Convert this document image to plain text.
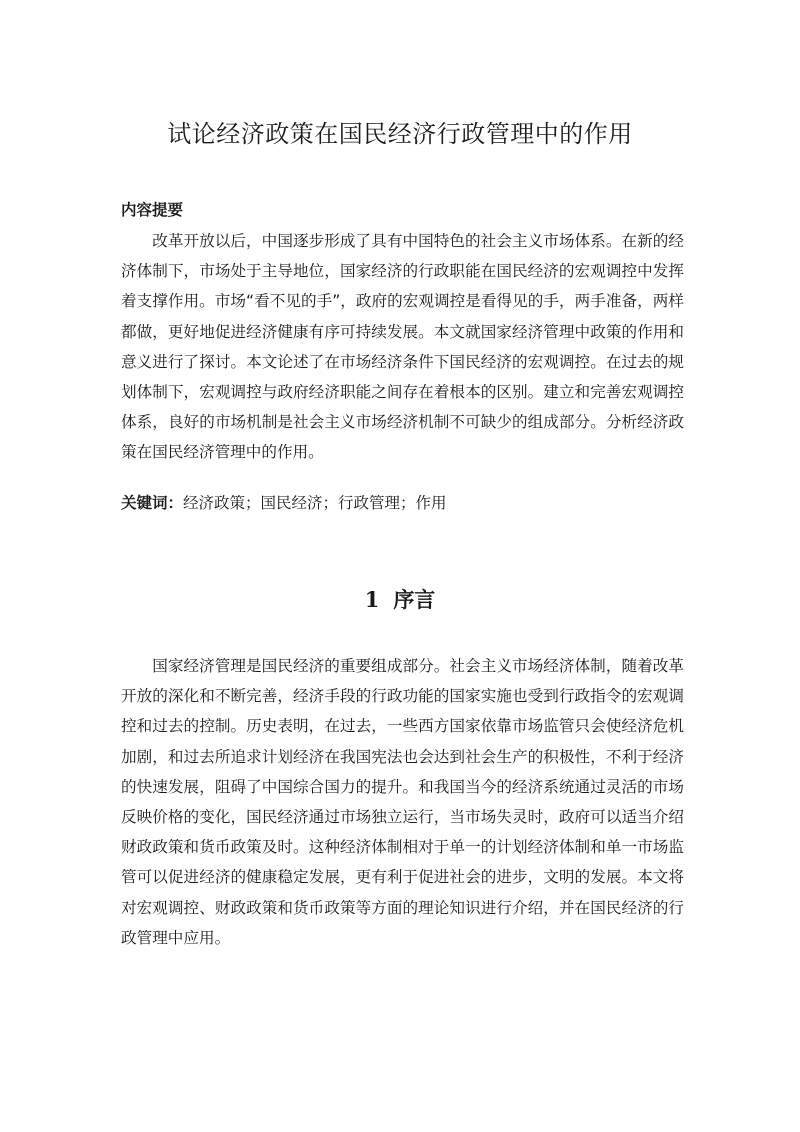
试论经济政策在国民经济行政管理中的作用
内容提要

改革开放以后，中国逐步形成了具有中国特色的社会主义市场体系。在新的经济体制下，市场处于主导地位，国家经济的行政职能在国民经济的宏观调控中发挥着支撑作用。市场“看不见的手”，政府的宏观调控是看得见的手，两手准备，两样都做，更好地促进经济健康有序可持续发展。本文就国家经济管理中政策的作用和意义进行了探讨。本文论述了在市场经济条件下国民经济的宏观调控。在过去的规划体制下，宏观调控与政府经济职能之间存在着根本的区别。建立和完善宏观调控体系，良好的市场机制是社会主义市场经济机制不可缺少的组成部分。分析经济政策在国民经济管理中的作用。

关键词：经济政策；国民经济；行政管理；作用
1 序言

国家经济管理是国民经济的重要组成部分。社会主义市场经济体制，随着改革开放的深化和不断完善，经济手段的行政功能的国家实施也受到行政指令的宏观调控和过去的控制。历史表明，在过去，一些西方国家依靠市场监管只会使经济危机加剧，和过去所追求计划经济在我国宪法也会达到社会生产的积极性，不利于经济的快速发展，阻碍了中国综合国力的提升。和我国当今的经济系统通过灵活的市场反映价格的变化，国民经济通过市场独立运行，当市场失灵时，政府可以适当介绍财政政策和货币政策及时。这种经济体制相对于单一的计划经济体制和单一市场监管可以促进经济的健康稳定发展，更有利于促进社会的进步，文明的发展。本文将对宏观调控、财政政策和货币政策等方面的理论知识进行介绍，并在国民经济的行政管理中应用。
